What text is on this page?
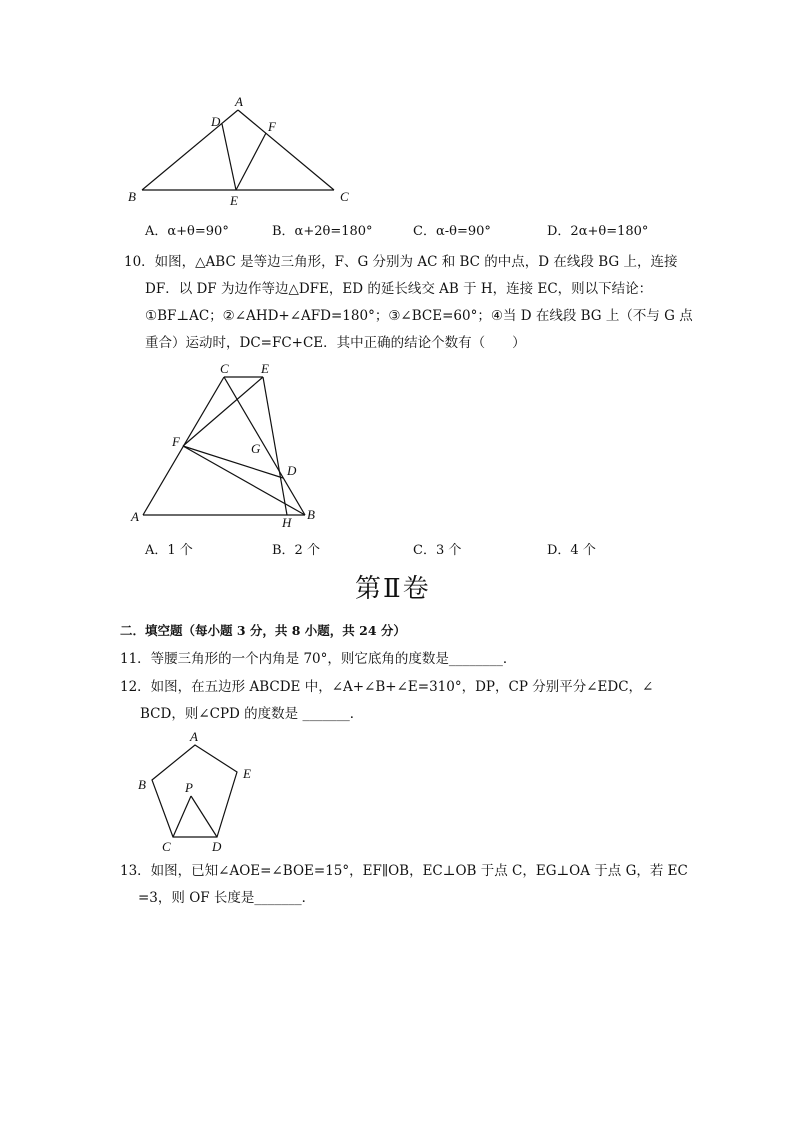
A
D	F
B	E	C
A．α+θ=90°	B．α+2θ=180°	C．α-θ=90°	D．2α+θ=180°
10．如图，△ABC 是等边三角形，F、G 分别为 AC 和 BC 的中点，D 在线段 BG 上，连接
DF．以 DF 为边作等边△DFE，ED 的延长线交 AB 于 H，连接 EC，则以下结论：
①BF⊥AC；②∠AHD+∠AFD=180°；③∠BCE=60°；④当 D 在线段 BG 上（不与 G 点
重合）运动时，DC=FC+CE．其中正确的结论个数有（　　）
C E
F	G
D
A	H
B
A．1 个	B．2 个	C．3 个	D．4 个
第Ⅱ卷
二．填空题（每小题 3 分，共 8 小题，共 24 分）
11．等腰三角形的一个内角是 70°，则它底角的度数是________．
12．如图，在五边形 ABCDE 中，∠A+∠B+∠E=310°，DP，CP 分别平分∠EDC，∠
BCD，则∠CPD 的度数是 _______．
A
B
E
P
C	D
13．如图，已知∠AOE=∠BOE=15°，EF∥OB，EC⊥OB 于点 C，EG⊥OA 于点 G，若 EC
=3，则 OF 长度是_______．
